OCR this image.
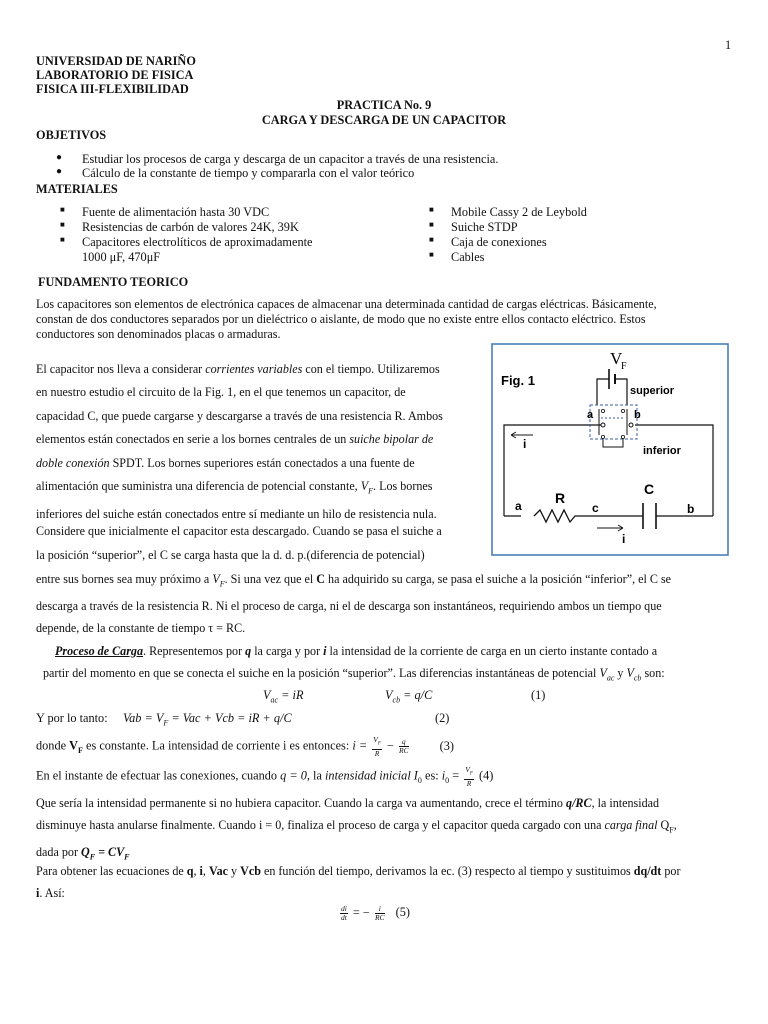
1
UNIVERSIDAD DE NARIÑO
LABORATORIO DE FISICA
FISICA III-FLEXIBILIDAD
PRACTICA No. 9
CARGA Y DESCARGA DE UN CAPACITOR
OBJETIVOS
● Estudiar los procesos de carga y descarga de un capacitor a través de una resistencia.
● Cálculo de la constante de tiempo y compararla con el valor teórico
MATERIALES
■ Fuente de alimentación hasta 30 VDC
■ Resistencias de carbón de valores 24K, 39K
■ Capacitores electrolíticos de aproximadamente
1000 μF, 470μF
■ Mobile Cassy 2 de Leybold
■ Suiche STDP
■ Caja de conexiones
■ Cables
FUNDAMENTO TEORICO
Los capacitores son elementos de electrónica capaces de almacenar una determinada cantidad de cargas eléctricas. Básicamente,
constan de dos conductores separados por un dieléctrico o aislante, de modo que no existe entre ellos contacto eléctrico. Estos
conductores son denominados placas o armaduras.
El capacitor nos lleva a considerar corrientes variables con el tiempo. Utilizaremos
en nuestro estudio el circuito de la Fig. 1, en el que tenemos un capacitor, de
capacidad C, que puede cargarse y descargarse a través de una resistencia R. Ambos
elementos están conectados en serie a los bornes centrales de un suiche bipolar de
doble conexión SPDT. Los bornes superiores están conectados a una fuente de
alimentación que suministra una diferencia de potencial constante, $V_F$. Los bornes
inferiores del suiche están conectados entre sí mediante un hilo de resistencia nula.
Considere que inicialmente el capacitor esta descargado. Cuando se pasa el suiche a
la posición “superior”, el C se carga hasta que la d. d. p.(diferencia de potencial)
entre sus bornes sea muy próximo a $V_F$. Si una vez que el C ha adquirido su carga, se pasa el suiche a la posición “inferior”, el C se
descarga a través de la resistencia R. Ni el proceso de carga, ni el de descarga son instantáneos, requiriendo ambos un tiempo que
depende, de la constante de tiempo τ = RC.
Fig. 1
V
F
superior
inferior
a	b
i
a R
c
C
b
i
Proceso de Carga. Representemos por q la carga y por i la intensidad de la corriente de carga en un cierto instante contado a
partir del momento en que se conecta el suiche en la posición “superior”. Las diferencias instantáneas de potencial $V_{ac}$ y $V_{cb}$ son:
$V_{ac}$ = iR	$V_{cb} = q/C$	(1)
Y por lo tanto: Vab = $V_F$ = Vac + Vcb = iR + q/C	(2)
donde $V_F$ es constante. La intensidad de corriente i es entonces: $i = \frac{V_F}{R} - \frac{q}{RC}$	(3)
En el instante de efectuar las conexiones, cuando q = 0, la intensidad inicial $I_0$ es: $i_0 = \frac{V_F}{R} (4)$
Que sería la intensidad permanente si no hubiera capacitor. Cuando la carga va aumentando, crece el término q/RC, la intensidad
disminuye hasta anularse finalmente. Cuando i = 0, finaliza el proceso de carga y el capacitor queda cargado con una carga final $Q_F$,
dada por $Q_F = CV_F$
Para obtener las ecuaciones de q, i, Vac y Vcb en función del tiempo, derivamos la ec. (3) respecto al tiempo y sustituimos dq/dt por
i. Así:
$\frac{di}{dt}$ = − $\frac{i}{RC} (5)$
